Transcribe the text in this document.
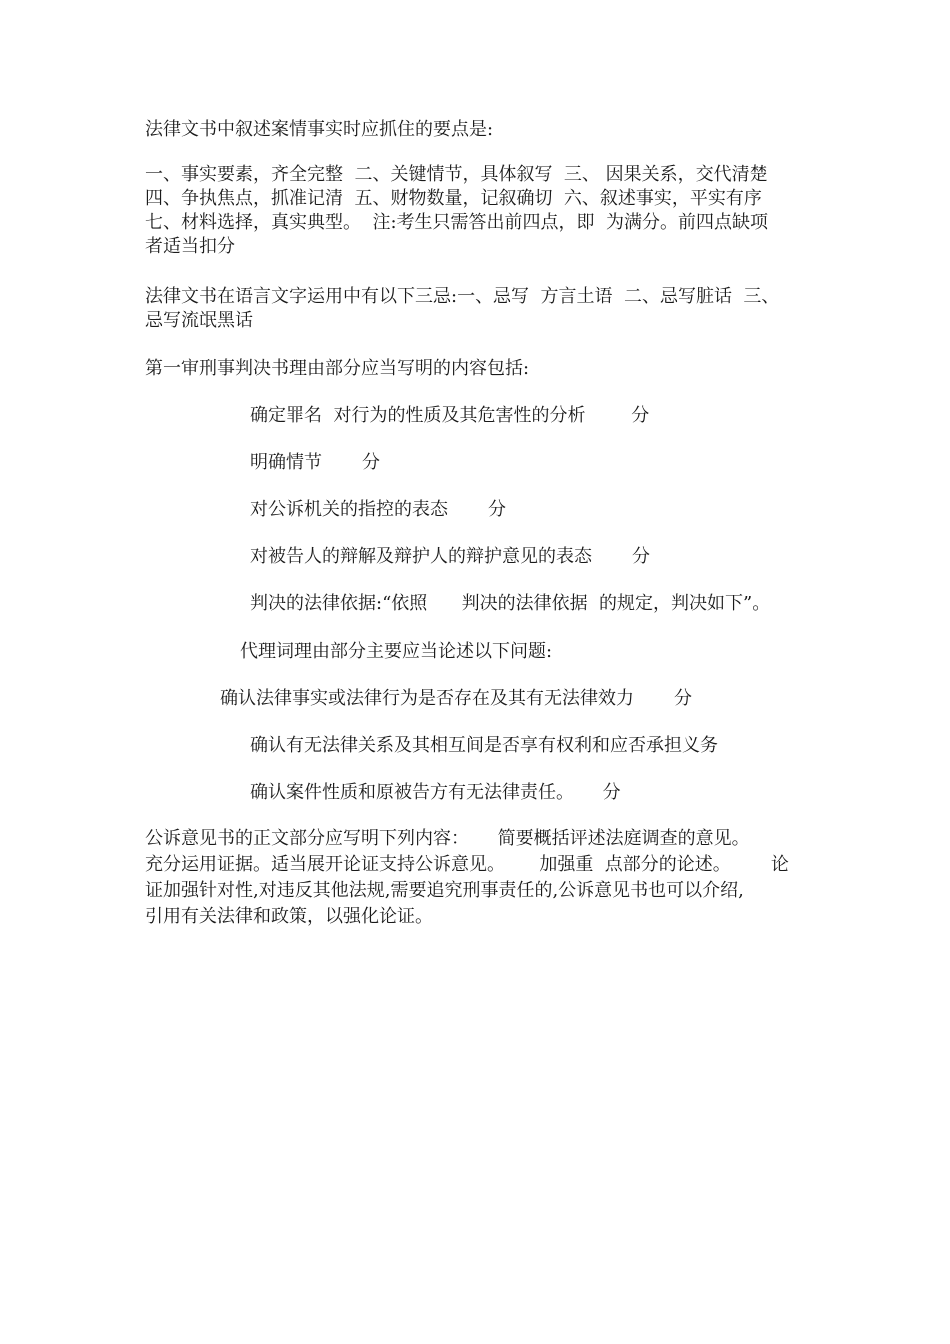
法律文书中叙述案情事实时应抓住的要点是:
一、事实要素，齐全完整  二、关键情节，具体叙写  三、 因果关系，交代清楚
四、争执焦点，抓准记清  五、财物数量，记叙确切  六、叙述事实，平实有序
七、材料选择，真实典型。  注:考生只需答出前四点，即  为满分。前四点缺项
者适当扣分
法律文书在语言文字运用中有以下三忌:一、忌写  方言土语  二、忌写脏话  三、
忌写流氓黑话
第一审刑事判决书理由部分应当写明的内容包括:
确定罪名  对行为的性质及其危害性的分析        分
明确情节       分
对公诉机关的指控的表态       分
对被告人的辩解及辩护人的辩护意见的表态       分
判决的法律依据:“依照      判决的法律依据  的规定，判决如下”。
代理词理由部分主要应当论述以下问题:
确认法律事实或法律行为是否存在及其有无法律效力       分
确认有无法律关系及其相互间是否享有权利和应否承担义务
确认案件性质和原被告方有无法律责任。     分
公诉意见书的正文部分应写明下列内容：     简要概括评述法庭调查的意见。
充分运用证据。适当展开论证支持公诉意见。      加强重  点部分的论述。       论
证加强针对性,对违反其他法规,需要追究刑事责任的,公诉意见书也可以介绍,
引用有关法律和政策，以强化论证。
